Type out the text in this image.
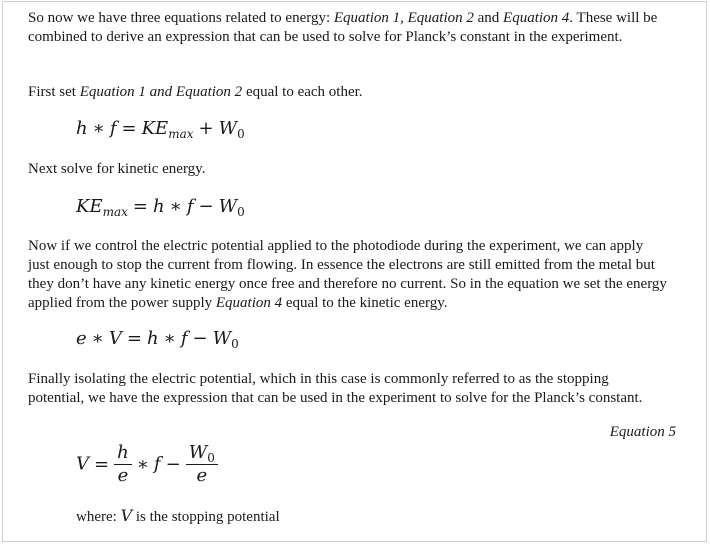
So now we have three equations related to energy: Equation 1, Equation 2 and Equation 4. These will be combined to derive an expression that can be used to solve for Planck’s constant in the experiment.

First set Equation 1 and Equation 2 equal to each other.

h ∗ $f = KE_{max} + W_0$

Next solve for kinetic energy.

$KE_{max} = h$ ∗ $f - W_0$

Now if we control the electric potential applied to the photodiode during the experiment, we can apply just enough to stop the current from flowing. In essence the electrons are still emitted from the metal but they don’t have any kinetic energy once free and therefore no current. So in the equation we set the energy applied from the power supply Equation 4 equal to the kinetic energy.

e ∗ V = h ∗ $f - W_0$

Finally isolating the electric potential, which in this case is commonly referred to as the stopping potential, we have the expression that can be used in the experiment to solve for the Planck’s constant.

Equation 5
$V = \frac{h}{e}$ ∗ $f - \frac{W_0}{e}$
where: V is the stopping potential
